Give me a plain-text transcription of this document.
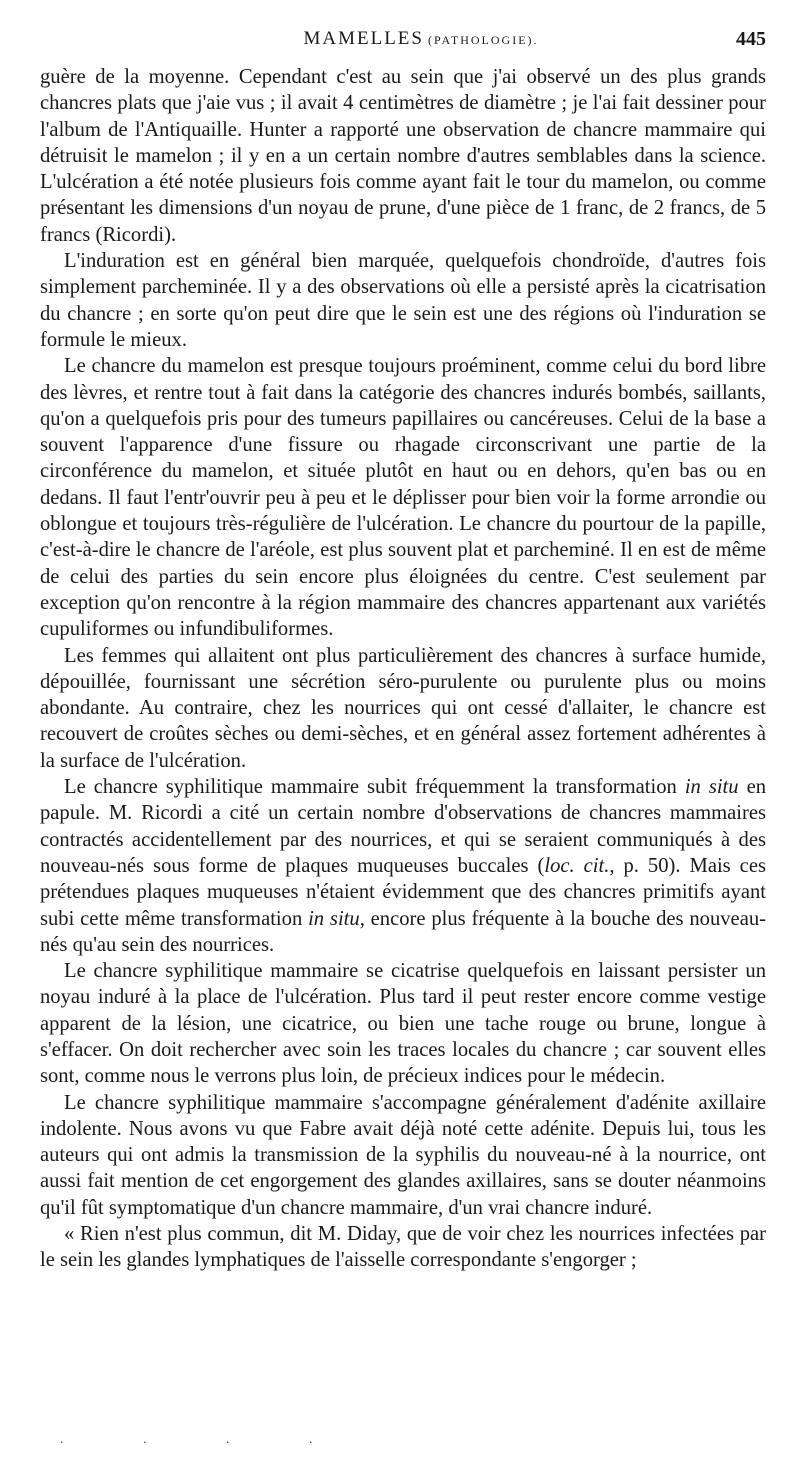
MAMELLES (PATHOLOGIE).	445

guère de la moyenne. Cependant c'est au sein que j'ai observé un des plus grands chancres plats que j'aie vus ; il avait 4 centimètres de diamètre ; je l'ai fait dessiner pour l'album de l'Antiquaille. Hunter a rapporté une observation de chancre mammaire qui détruisit le mamelon ; il y en a un certain nombre d'autres semblables dans la science. L'ulcération a été notée plusieurs fois comme ayant fait le tour du mamelon, ou comme présentant les dimensions d'un noyau de prune, d'une pièce de 1 franc, de 2 francs, de 5 francs (Ricordi).

L'induration est en général bien marquée, quelquefois chondroïde, d'autres fois simplement parcheminée. Il y a des observations où elle a persisté après la cicatrisation du chancre ; en sorte qu'on peut dire que le sein est une des régions où l'induration se formule le mieux.

Le chancre du mamelon est presque toujours proéminent, comme celui du bord libre des lèvres, et rentre tout à fait dans la catégorie des chancres indurés bombés, saillants, qu'on a quelquefois pris pour des tumeurs papillaires ou cancéreuses. Celui de la base a souvent l'apparence d'une fissure ou rhagade circonscrivant une partie de la circonférence du mamelon, et située plutôt en haut ou en dehors, qu'en bas ou en dedans. Il faut l'entr'ouvrir peu à peu et le déplisser pour bien voir la forme arrondie ou oblongue et toujours très-régulière de l'ulcération. Le chancre du pourtour de la papille, c'est-à-dire le chancre de l'aréole, est plus souvent plat et parcheminé. Il en est de même de celui des parties du sein encore plus éloignées du centre. C'est seulement par exception qu'on rencontre à la région mammaire des chancres appartenant aux variétés cupuliformes ou infundibuliformes.

Les femmes qui allaitent ont plus particulièrement des chancres à surface humide, dépouillée, fournissant une sécrétion séro-purulente ou purulente plus ou moins abondante. Au contraire, chez les nourrices qui ont cessé d'allaiter, le chancre est recouvert de croûtes sèches ou demi-sèches, et en général assez fortement adhérentes à la surface de l'ulcération.

Le chancre syphilitique mammaire subit fréquemment la transformation in situ en papule. M. Ricordi a cité un certain nombre d'observations de chancres mammaires contractés accidentellement par des nourrices, et qui se seraient communiqués à des nouveau-nés sous forme de plaques muqueuses buccales (loc. cit., p. 50). Mais ces prétendues plaques muqueuses n'étaient évidemment que des chancres primitifs ayant subi cette même transformation in situ, encore plus fréquente à la bouche des nouveau-nés qu'au sein des nourrices.

Le chancre syphilitique mammaire se cicatrise quelquefois en laissant persister un noyau induré à la place de l'ulcération. Plus tard il peut rester encore comme vestige apparent de la lésion, une cicatrice, ou bien une tache rouge ou brune, longue à s'effacer. On doit rechercher avec soin les traces locales du chancre ; car souvent elles sont, comme nous le verrons plus loin, de précieux indices pour le médecin.

Le chancre syphilitique mammaire s'accompagne généralement d'adénite axillaire indolente. Nous avons vu que Fabre avait déjà noté cette adénite. Depuis lui, tous les auteurs qui ont admis la transmission de la syphilis du nouveau-né à la nourrice, ont aussi fait mention de cet engorgement des glandes axillaires, sans se douter néanmoins qu'il fût symptomatique d'un chancre mammaire, d'un vrai chancre induré.

« Rien n'est plus commun, dit M. Diday, que de voir chez les nourrices infectées par le sein les glandes lymphatiques de l'aisselle correspondante s'engorger ;

. . . .
